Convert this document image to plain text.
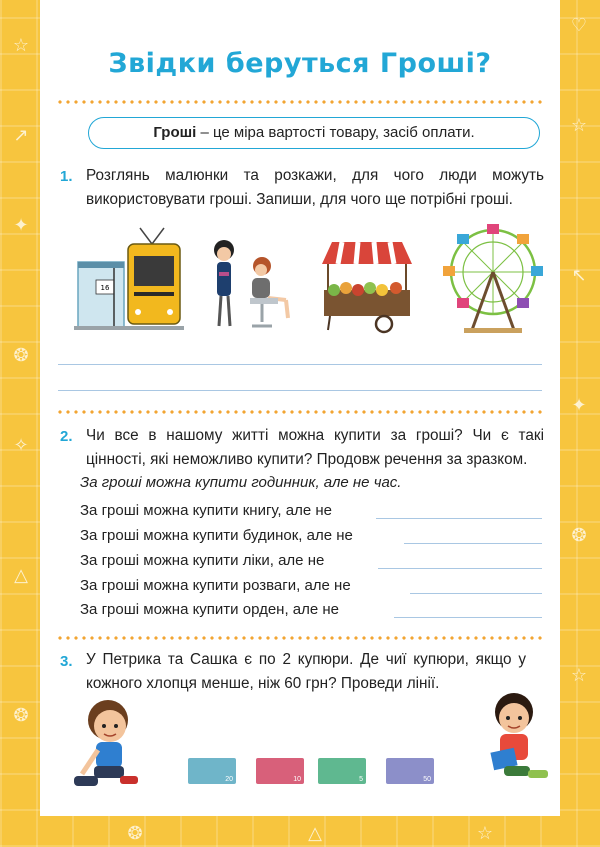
☆
↗
✦
❂
✧
△
❂
♡
☆
↖
✦
❂
☆
❂	△	☆
Звідки беруться Гроші?
Гроші – це міра вартості товару, засіб оплати.
1. Розглянь малюнки та розкажи, для чого люди можуть використовувати гроші. Запиши, для чого ще потрібні гроші.
16
2. Чи все в нашому житті можна купити за гроші? Чи є такі цінності, які неможливо купити? Продовж речення за зразком.
За гроші можна купити годинник, але не час.
За гроші можна купити книгу, але не
За гроші можна купити будинок, але не
За гроші можна купити ліки, але не
За гроші можна купити розваги, але не
За гроші можна купити орден, але не
3. У Петрика та Сашка є по 2 купюри. Де чиї купюри, якщо у кожного хлопця менше, ніж 60 грн? Проведи лінії.
20	10	5	50
